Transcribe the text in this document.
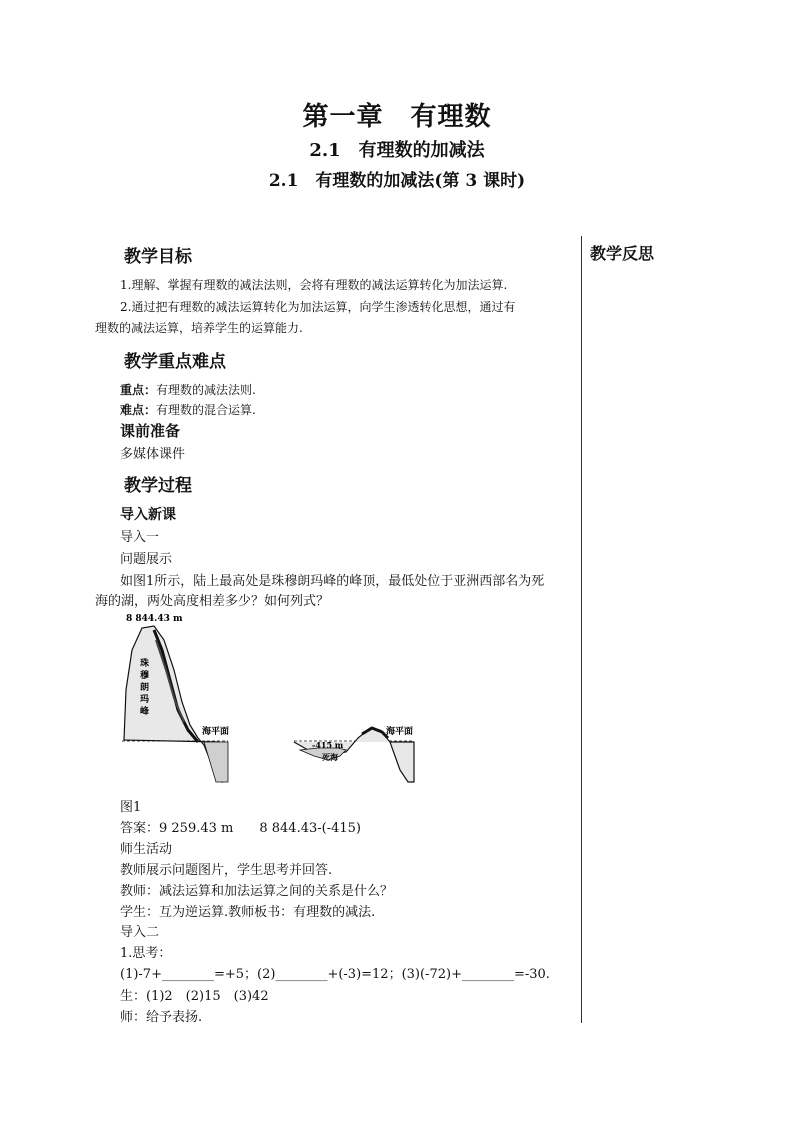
第一章　有理数
2.1　有理数的加减法
2.1　有理数的加减法(第 3 课时)
教学反思
教学目标
1.理解、掌握有理数的减法法则，会将有理数的减法运算转化为加法运算.
2.通过把有理数的减法运算转化为加法运算，向学生渗透转化思想，通过有
理数的减法运算，培养学生的运算能力.
教学重点难点
重点：有理数的减法法则.
难点：有理数的混合运算.
课前准备
多媒体课件
教学过程
导入新课
导入一
问题展示
如图1所示，陆上最高处是珠穆朗玛峰的峰顶，最低处位于亚洲西部名为死
海的湖，两处高度相差多少？如何列式？
8 844.43 m
珠
穆
朗
玛
峰
海平面
-415 m
死海
海平面
图1
答案：9 259.43 m　　8 844.43-(-415)
师生活动
教师展示问题图片，学生思考并回答.
教师：减法运算和加法运算之间的关系是什么？
学生：互为逆运算.教师板书：有理数的减法.
导入二
1.思考：
(1)-7+________=+5；(2)________+(-3)=12；(3)(-72)+________=-30.
生：(1)2　(2)15　(3)42
师：给予表扬.
